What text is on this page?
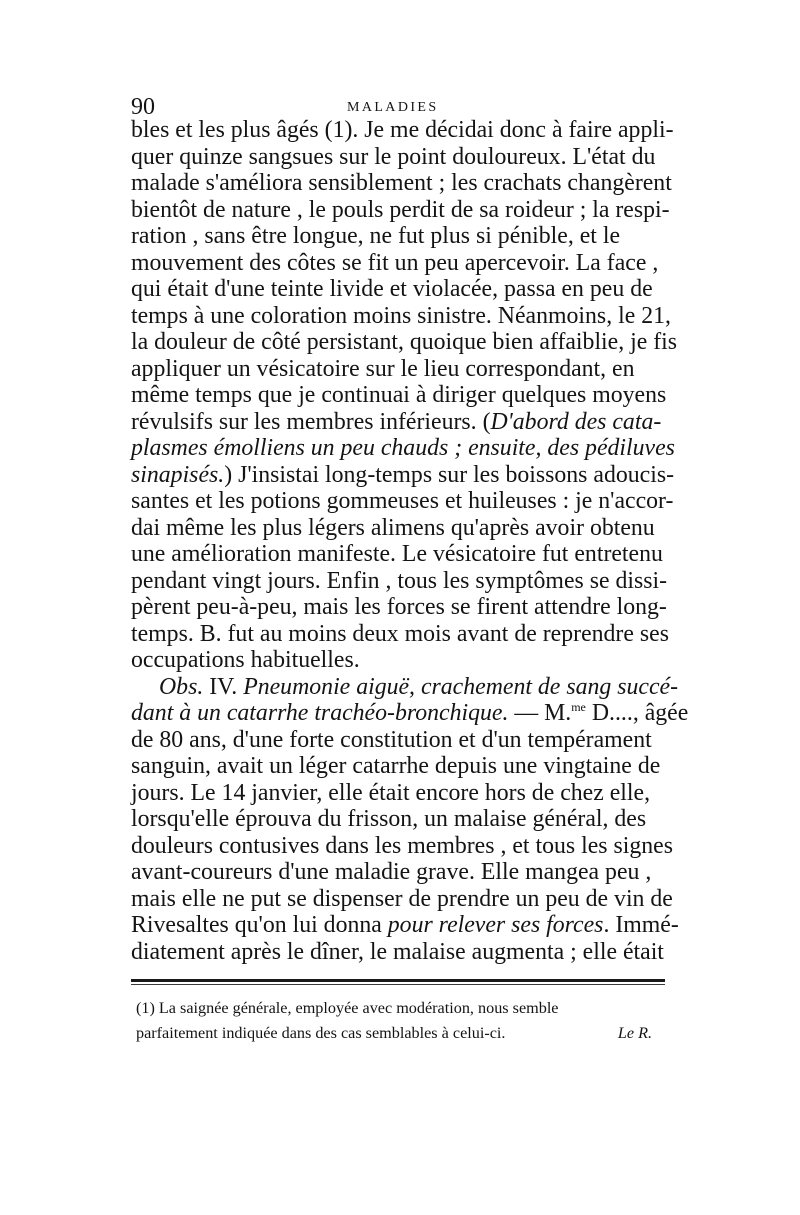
90	MALADIES
bles et les plus âgés (1). Je me décidai donc à faire appli-
quer quinze sangsues sur le point douloureux. L'état du
malade s'améliora sensiblement ; les crachats changèrent
bientôt de nature , le pouls perdit de sa roideur ; la respi-
ration , sans être longue, ne fut plus si pénible, et le
mouvement des côtes se fit un peu apercevoir. La face ,
qui était d'une teinte livide et violacée, passa en peu de
temps à une coloration moins sinistre. Néanmoins, le 21,
la douleur de côté persistant, quoique bien affaiblie, je fis
appliquer un vésicatoire sur le lieu correspondant, en
même temps que je continuai à diriger quelques moyens
révulsifs sur les membres inférieurs. (D'abord des cata-
plasmes émolliens un peu chauds ; ensuite, des pédiluves
sinapisés.) J'insistai long-temps sur les boissons adoucis-
santes et les potions gommeuses et huileuses : je n'accor-
dai même les plus légers alimens qu'après avoir obtenu
une amélioration manifeste. Le vésicatoire fut entretenu
pendant vingt jours. Enfin , tous les symptômes se dissi-
pèrent peu-à-peu, mais les forces se firent attendre long-
temps. B. fut au moins deux mois avant de reprendre ses
occupations habituelles.
Obs. IV. Pneumonie aiguë, crachement de sang succé-
dant à un catarrhe trachéo-bronchique. — M.$^{me}$ D...., âgée
de 80 ans, d'une forte constitution et d'un tempérament
sanguin, avait un léger catarrhe depuis une vingtaine de
jours. Le 14 janvier, elle était encore hors de chez elle,
lorsqu'elle éprouva du frisson, un malaise général, des
douleurs contusives dans les membres , et tous les signes
avant-coureurs d'une maladie grave. Elle mangea peu ,
mais elle ne put se dispenser de prendre un peu de vin de
Rivesaltes qu'on lui donna pour relever ses forces. Immé-
diatement après le dîner, le malaise augmenta ; elle était
(1) La saignée générale, employée avec modération, nous semble
parfaitement indiquée dans des cas semblables à celui-ci.	Le R.
